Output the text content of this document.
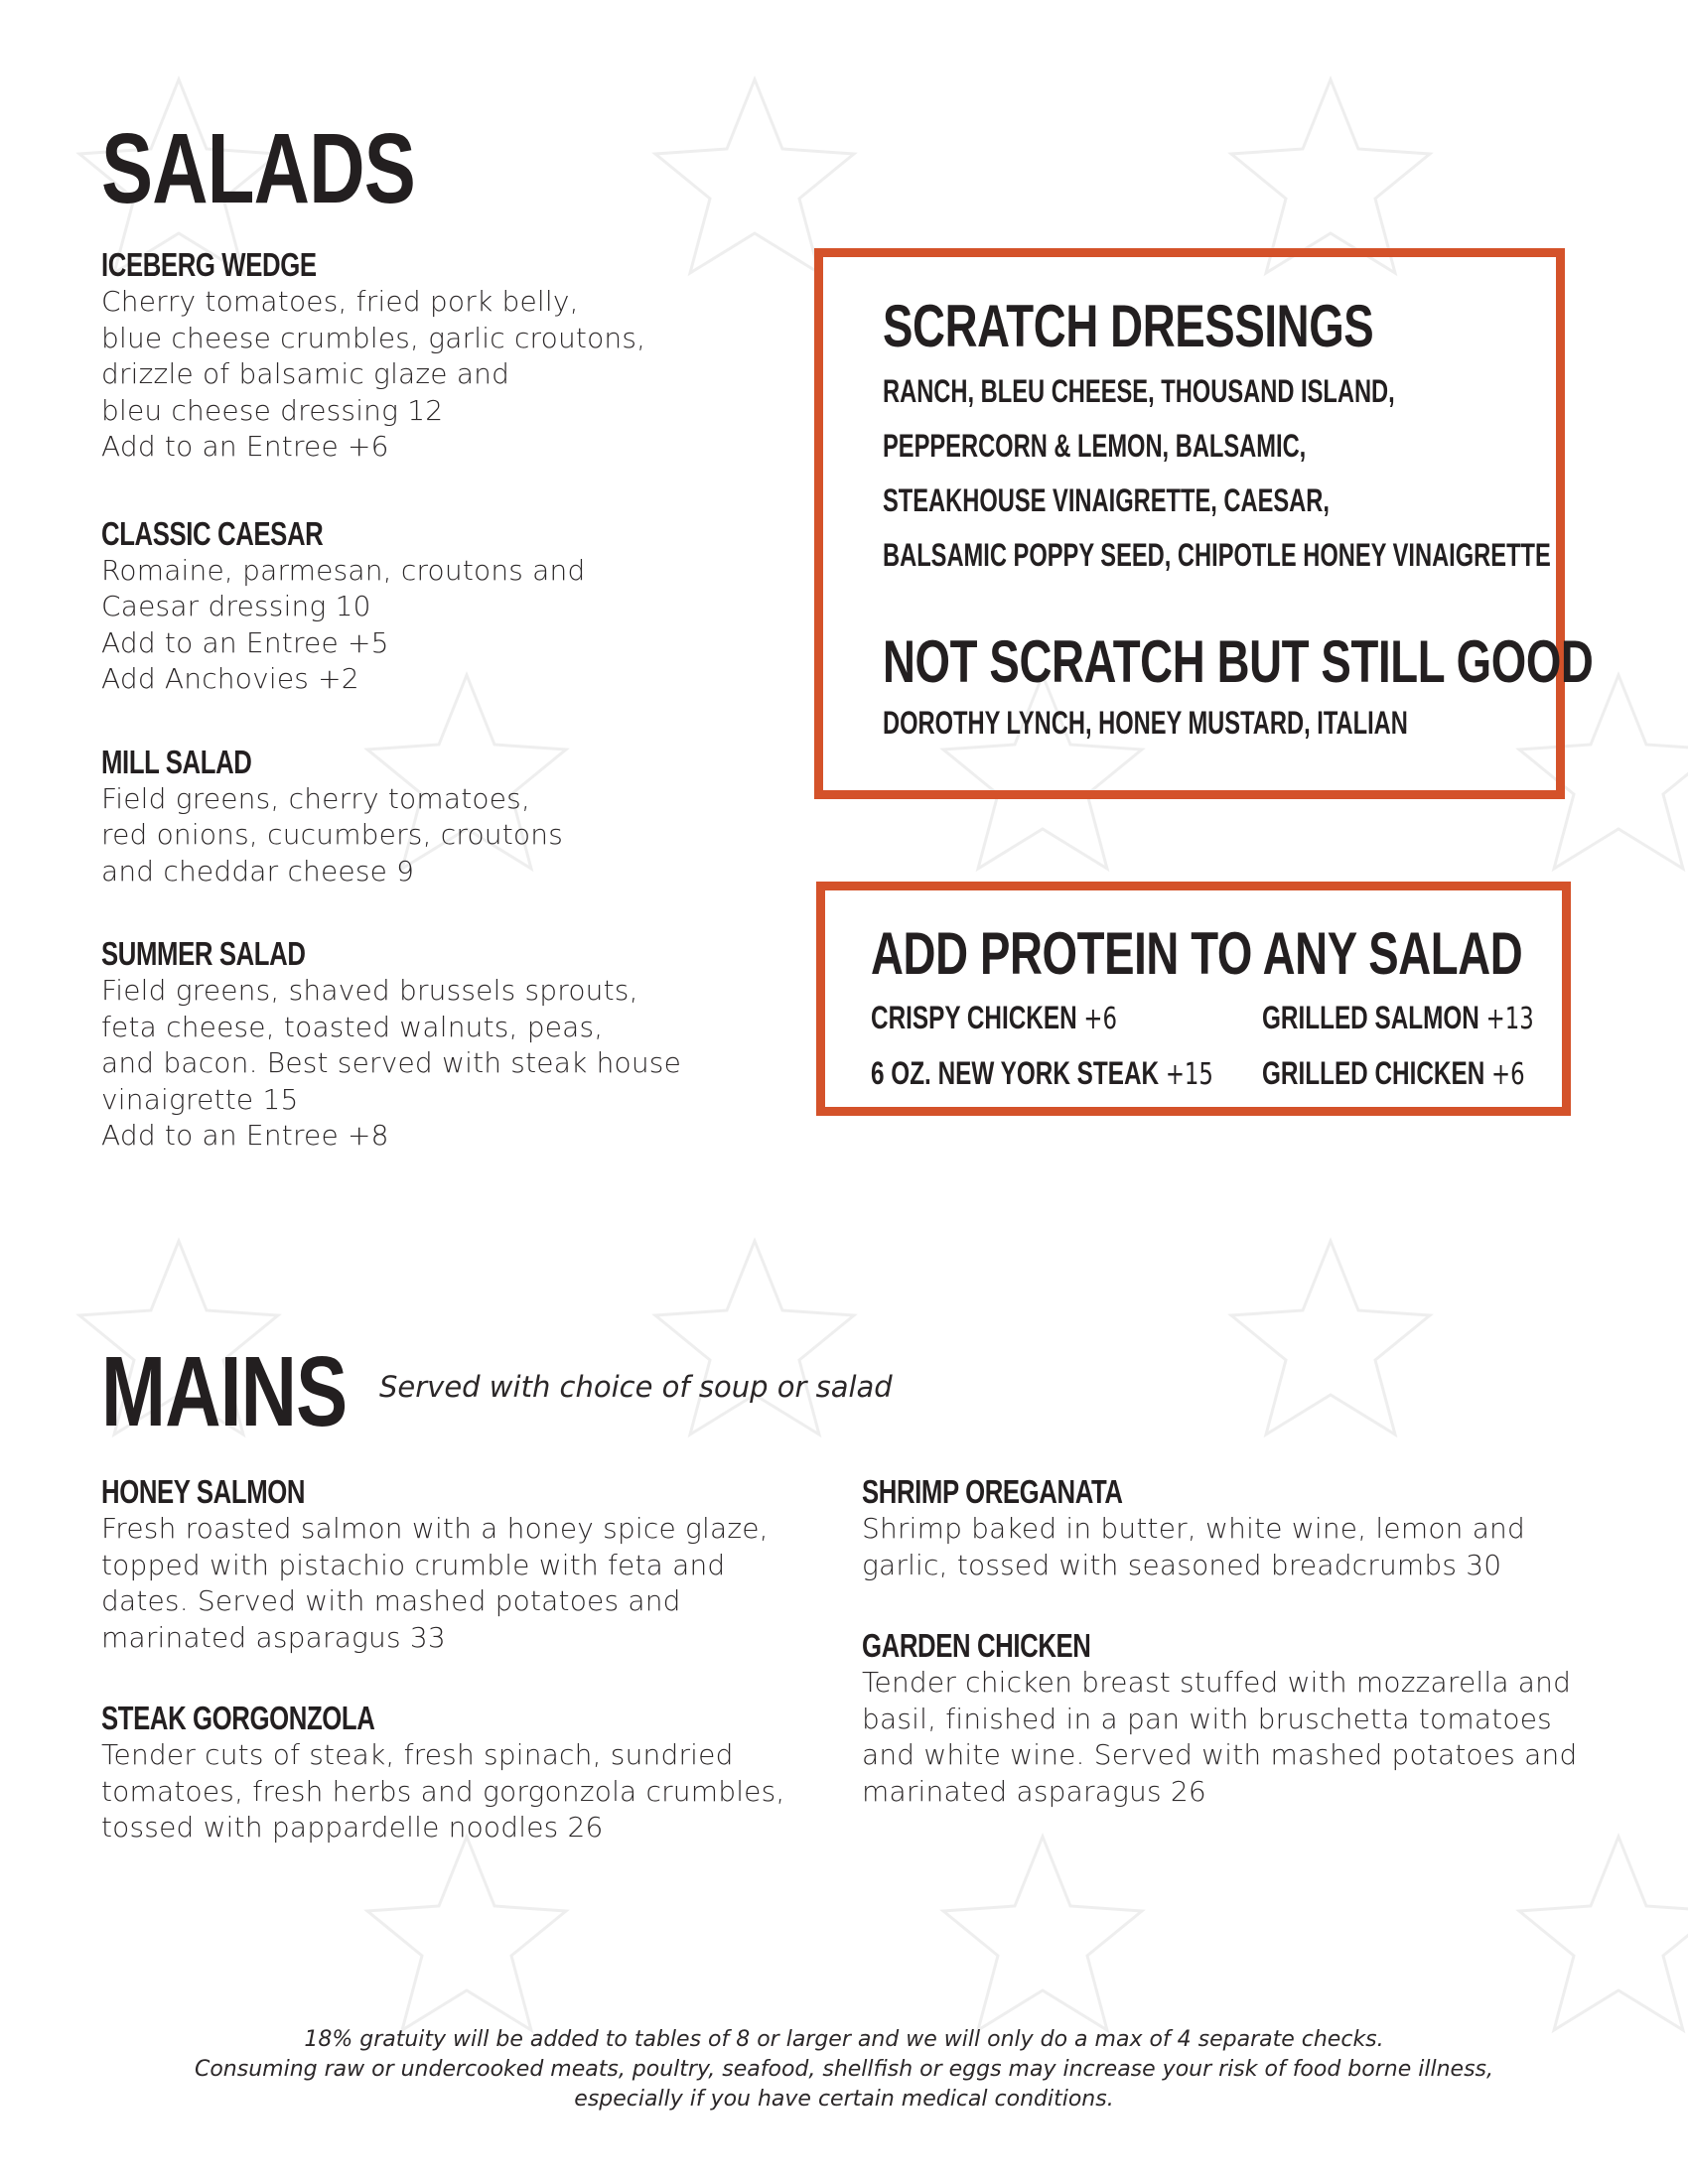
SALADS
ICEBERG WEDGE
Cherry tomatoes, fried pork belly,
blue cheese crumbles, garlic croutons,
drizzle of balsamic glaze and
bleu cheese dressing 12
Add to an Entree +6
CLASSIC CAESAR
Romaine, parmesan, croutons and
Caesar dressing 10
Add to an Entree +5
Add Anchovies +2
MILL SALAD
Field greens, cherry tomatoes,
red onions, cucumbers, croutons
and cheddar cheese 9
SUMMER SALAD
Field greens, shaved brussels sprouts,
feta cheese, toasted walnuts, peas,
and bacon. Best served with steak house
vinaigrette 15
Add to an Entree +8
SCRATCH DRESSINGS
RANCH, BLEU CHEESE, THOUSAND ISLAND,
PEPPERCORN & LEMON, BALSAMIC,
STEAKHOUSE VINAIGRETTE, CAESAR,
BALSAMIC POPPY SEED, CHIPOTLE HONEY VINAIGRETTE
NOT SCRATCH BUT STILL GOOD
DOROTHY LYNCH, HONEY MUSTARD, ITALIAN
ADD PROTEIN TO ANY SALAD
CRISPY CHICKEN +6	GRILLED SALMON +13
6 OZ. NEW YORK STEAK +15 GRILLED CHICKEN +6
MAINS Served with choice of soup or salad
HONEY SALMON
Fresh roasted salmon with a honey spice glaze,
topped with pistachio crumble with feta and
dates. Served with mashed potatoes and
marinated asparagus 33
STEAK GORGONZOLA
Tender cuts of steak, fresh spinach, sundried
tomatoes, fresh herbs and gorgonzola crumbles,
tossed with pappardelle noodles 26
SHRIMP OREGANATA
Shrimp baked in butter, white wine, lemon and
garlic, tossed with seasoned breadcrumbs 30
GARDEN CHICKEN
Tender chicken breast stuffed with mozzarella and
basil, finished in a pan with bruschetta tomatoes
and white wine. Served with mashed potatoes and
marinated asparagus 26

18% gratuity will be added to tables of 8 or larger and we will only do a max of 4 separate checks.

Consuming raw or undercooked meats, poultry, seafood, shellfish or eggs may increase your risk of food borne illness,

especially if you have certain medical conditions.
